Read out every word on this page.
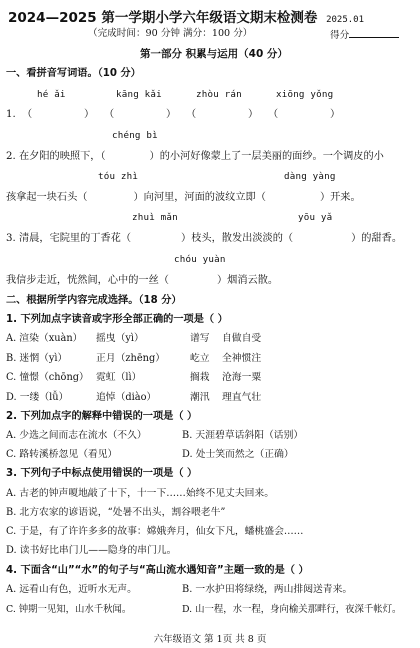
2024—2025 第一学期小学六年级语文期末检测卷 2025.01
（完成时间：90 分钟 满分：100 分）	得分
第一部分 积累与运用（40 分）
一、看拼音写词语。（10 分）
hé ǎi	kāng kǎi	zhòu rán	xiōng yǒng
1. （	） （	） （	） （	）
chéng bì
2. 在夕阳的映照下，（	）的小河好像蒙上了一层美丽的面纱。一个调皮的小
tóu zhì	dàng yàng
孩拿起一块石头（	）向河里，河面的波纹立即（	）开来。
zhuì mǎn	yōu yǎ
3. 清晨，宅院里的丁香花（	）枝头，散发出淡淡的（	）的甜香。
chóu yuàn
我信步走近，恍然间，心中的一丝（	）烟消云散。
二、根据所学内容完成选择。（18 分）
1. 下列加点字读音或字形全部正确的一项是（ ）
A. 渲染（xuàn） 摇曳（yì）	谱写 自做自受
B. 迷惘（yì）	正月（zhēng）	屹立 全神惯注
C. 憧憬（chōng） 霓虹（lì）	搁栽 沧海一粟
D. 一缕（lǚ）	追悼（diào）	潮汛 理直气壮
2. 下列加点字的解释中错误的一项是（ ）
A. 少选之间而志在流水（不久）	B. 天涯碧草话斜阳（话别）
C. 路转溪桥忽见（看见）	D. 处士笑而然之（正确）
3. 下列句子中标点使用错误的一项是（ ）
A. 古老的钟声嗄地敲了十下，十一下……始终不见丈夫回来。
B. 北方农家的谚语说，“处暑不出头，割谷喂老牛”
C. 于是，有了许许多多的故事：嫦娥奔月，仙女下凡，蟠桃盛会……
D. 读书好比串门儿——隐身的串门儿。
4. 下面含“山”“水”的句子与“高山流水遇知音”主题一致的是（ ）
A. 远看山有色，近听水无声。	B. 一水护田将绿绕，两山排闼送青来。
C. 钟期一见知，山水千秋闻。	D. 山一程，水一程，身向榆关那畔行，夜深千帐灯。
六年级语文 第 1页 共 8 页
